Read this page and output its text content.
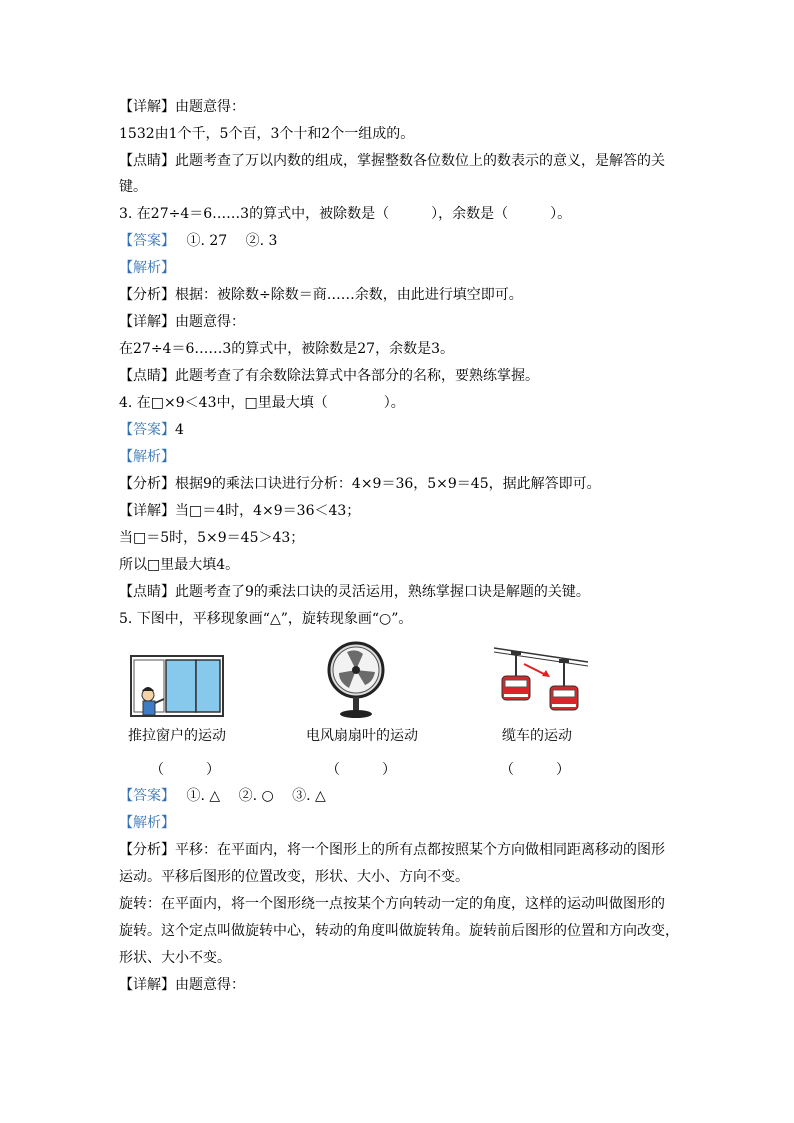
【详解】由题意得：
1532由1个千，5个百，3个十和2个一组成的。
【点睛】此题考查了万以内数的组成，掌握整数各位数位上的数表示的意义，是解答的关
键。
3. 在27÷4＝6……3的算式中，被除数是（　　　），余数是（　　　）。
【答案】　 ①. 27　 ②. 3
【解析】
【分析】根据：被除数÷除数＝商……余数，由此进行填空即可。
【详解】由题意得：
在27÷4＝6……3的算式中，被除数是27，余数是3。
【点睛】此题考查了有余数除法算式中各部分的名称，要熟练掌握。
4. 在□×9＜43中，□里最大填（　　　　）。
【答案】4
【解析】
【分析】根据9的乘法口诀进行分析：4×9＝36，5×9＝45，据此解答即可。
【详解】当□＝4时，4×9＝36＜43；
当□＝5时，5×9＝45＞43；
所以□里最大填4。
【点睛】此题考查了9的乘法口诀的灵活运用，熟练掌握口诀是解题的关键。
5. 下图中，平移现象画“△”，旋转现象画“○”。
推拉窗户的运动	电风扇扇叶的运动	缆车的运动
（　　　）	（　　　）	（　　　）
【答案】　 ①. △　 ②. ○　 ③. △
【解析】
【分析】平移：在平面内，将一个图形上的所有点都按照某个方向做相同距离移动的图形
运动。平移后图形的位置改变，形状、大小、方向不变。
旋转：在平面内，将一个图形绕一点按某个方向转动一定的角度，这样的运动叫做图形的
旋转。这个定点叫做旋转中心，转动的角度叫做旋转角。旋转前后图形的位置和方向改变，
形状、大小不变。
【详解】由题意得：
